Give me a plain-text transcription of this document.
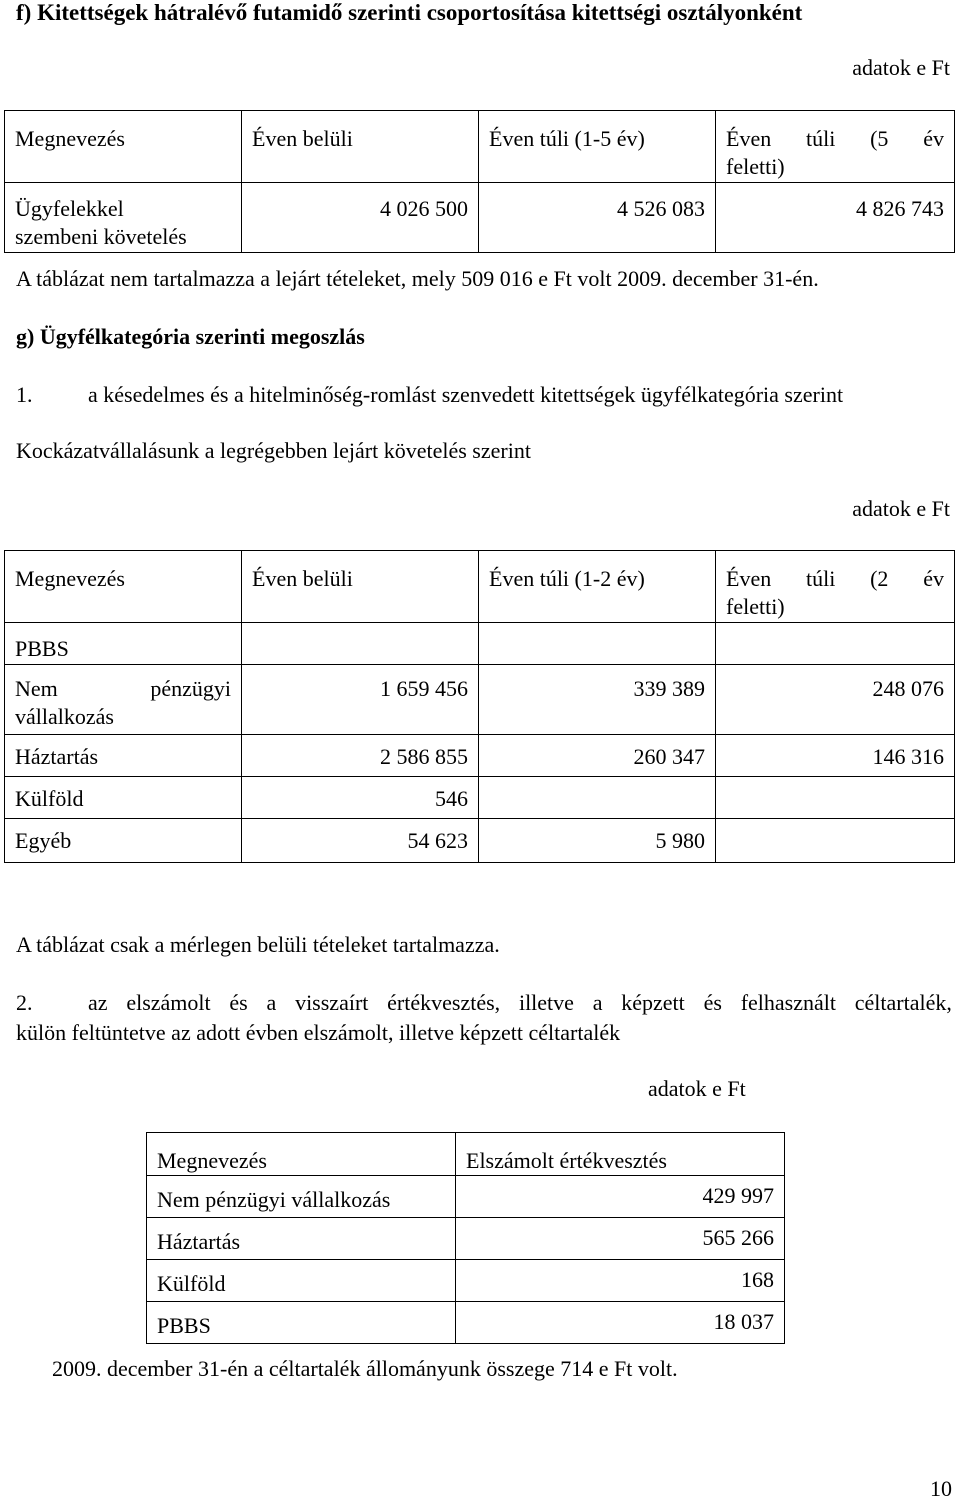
f) Kitettségek hátralévő futamidő szerinti csoportosítása kitettségi osztályonként
adatok e Ft
Megnevezés	Éven belüli	Éven túli (1-5 év)	Éven túli (5 év
feletti)

Ügyfelekkel
szembeni követelés	4 026 500	4 526 083	4 826 743
A táblázat nem tartalmazza a lejárt tételeket, mely 509 016 e Ft volt 2009. december 31-én.
g) Ügyfélkategória szerinti megoszlás
1.	a késedelmes és a hitelminőség-romlást szenvedett kitettségek ügyfélkategória szerint
Kockázatvállalásunk a legrégebben lejárt követelés szerint
adatok e Ft
Megnevezés	Éven belüli	Éven túli (1-2 év)	Éven túli (2 év
feletti)

PBBS			

Nem pénzügyi
vállalkozás	1 659 456	339 389	248 076
Háztartás	2 586 855	260 347	146 316
Külföld	546		
Egyéb	54 623	5 980	
A táblázat csak a mérlegen belüli tételeket tartalmazza.
2.	az elszámolt és a visszaírt értékvesztés, illetve a képzett és felhasznált céltartalék,
külön feltüntetve az adott évben elszámolt, illetve képzett céltartalék
adatok e Ft
Megnevezés	Elszámolt értékvesztés
Nem pénzügyi vállalkozás	429 997
Háztartás	565 266
Külföld	168
PBBS	18 037
2009. december 31-én a céltartalék állományunk összege 714 e Ft volt.
10
